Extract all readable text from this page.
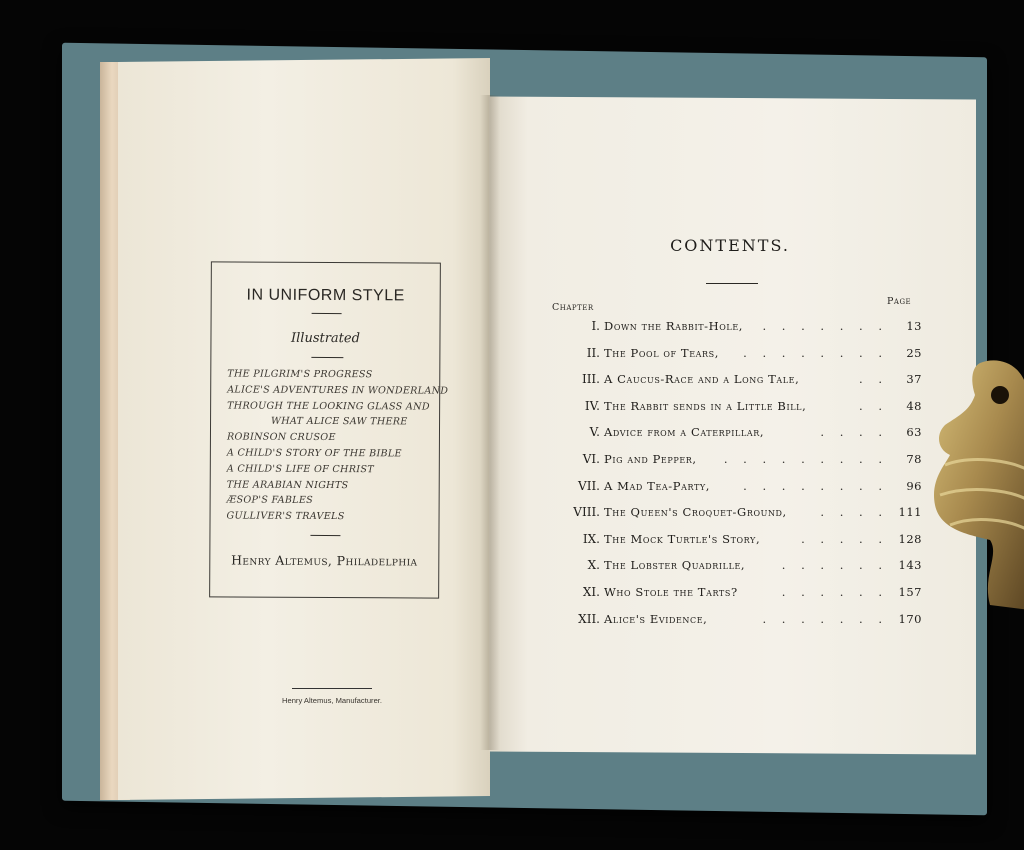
IN UNIFORM STYLE
Illustrated
THE PILGRIM'S PROGRESS
ALICE'S ADVENTURES IN WONDERLAND
THROUGH THE LOOKING GLASS AND
WHAT ALICE SAW THERE
ROBINSON CRUSOE
A CHILD'S STORY OF THE BIBLE
A CHILD'S LIFE OF CHRIST
THE ARABIAN NIGHTS
ÆSOP'S FABLES
GULLIVER'S TRAVELS
Henry Altemus, Philadelphia
Henry Altemus, Manufacturer.
CONTENTS.
Chapter
Page
I. Down the Rabbit-Hole,	13
. . . . . . .
II. The Pool of Tears,	25
. . . . . . . .
III. A Caucus-Race and a Long Tale,	37
. .
IV. The Rabbit sends in a Little Bill,	48
. .
V. Advice from a Caterpillar,	63
. . . .
VI. Pig and Pepper,	78
. . . . . . . . .
VII. A Mad Tea-Party,	96
. . . . . . . .
VIII. The Queen's Croquet-Ground,	111
. . . .
IX. The Mock Turtle's Story,	128
. . . . .
X. The Lobster Quadrille,	143
. . . . . .
XI. Who Stole the Tarts?	157
. . . . . .
XII. Alice's Evidence,	170
. . . . . . .
